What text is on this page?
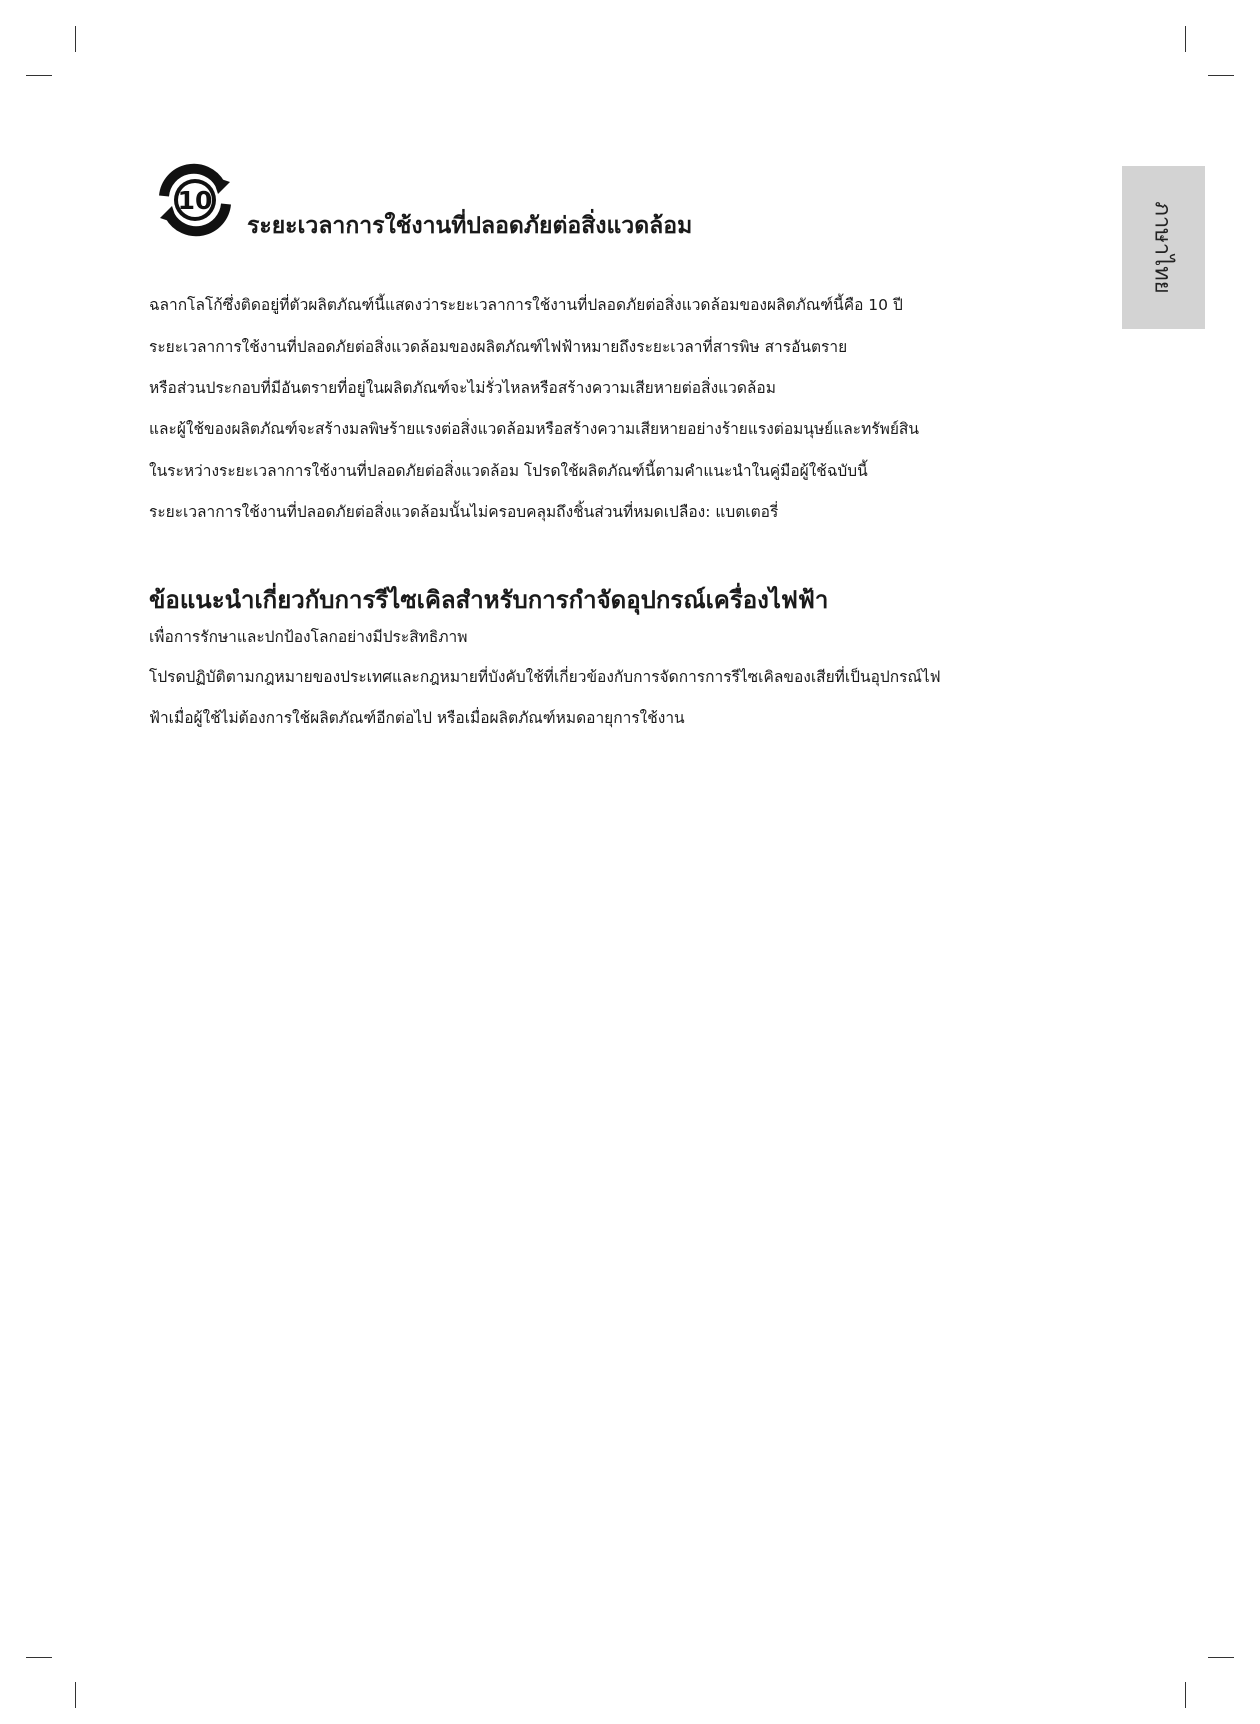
ภาษาไทย
10
ระยะเวลาการใช้งานที่ปลอดภัยต่อสิ่งแวดล้อม

ฉลากโลโก้ซึ่งติดอยู่ที่ตัวผลิตภัณฑ์นี้แสดงว่าระยะเวลาการใช้งานที่ปลอดภัยต่อสิ่งแวดล้อมของผลิตภัณฑ์นี้คือ 10 ปี

ระยะเวลาการใช้งานที่ปลอดภัยต่อสิ่งแวดล้อมของผลิตภัณฑ์ไฟฟ้าหมายถึงระยะเวลาที่สารพิษ สารอันตราย

หรือส่วนประกอบที่มีอันตรายที่อยู่ในผลิตภัณฑ์จะไม่รั่วไหลหรือสร้างความเสียหายต่อสิ่งแวดล้อม

และผู้ใช้ของผลิตภัณฑ์จะสร้างมลพิษร้ายแรงต่อสิ่งแวดล้อมหรือสร้างความเสียหายอย่างร้ายแรงต่อมนุษย์และทรัพย์สิน

ในระหว่างระยะเวลาการใช้งานที่ปลอดภัยต่อสิ่งแวดล้อม โปรดใช้ผลิตภัณฑ์นี้ตามคำแนะนำในคู่มือผู้ใช้ฉบับนี้

ระยะเวลาการใช้งานที่ปลอดภัยต่อสิ่งแวดล้อมนั้นไม่ครอบคลุมถึงชิ้นส่วนที่หมดเปลือง: แบตเตอรี่

ข้อแนะนำเกี่ยวกับการรีไซเคิลสำหรับการกำจัดอุปกรณ์เครื่องไฟฟ้า

เพื่อการรักษาและปกป้องโลกอย่างมีประสิทธิภาพ

โปรดปฏิบัติตามกฎหมายของประเทศและกฎหมายที่บังคับใช้ที่เกี่ยวข้องกับการจัดการการรีไซเคิลของเสียที่เป็นอุปกรณ์ไฟ

ฟ้าเมื่อผู้ใช้ไม่ต้องการใช้ผลิตภัณฑ์อีกต่อไป หรือเมื่อผลิตภัณฑ์หมดอายุการใช้งาน
